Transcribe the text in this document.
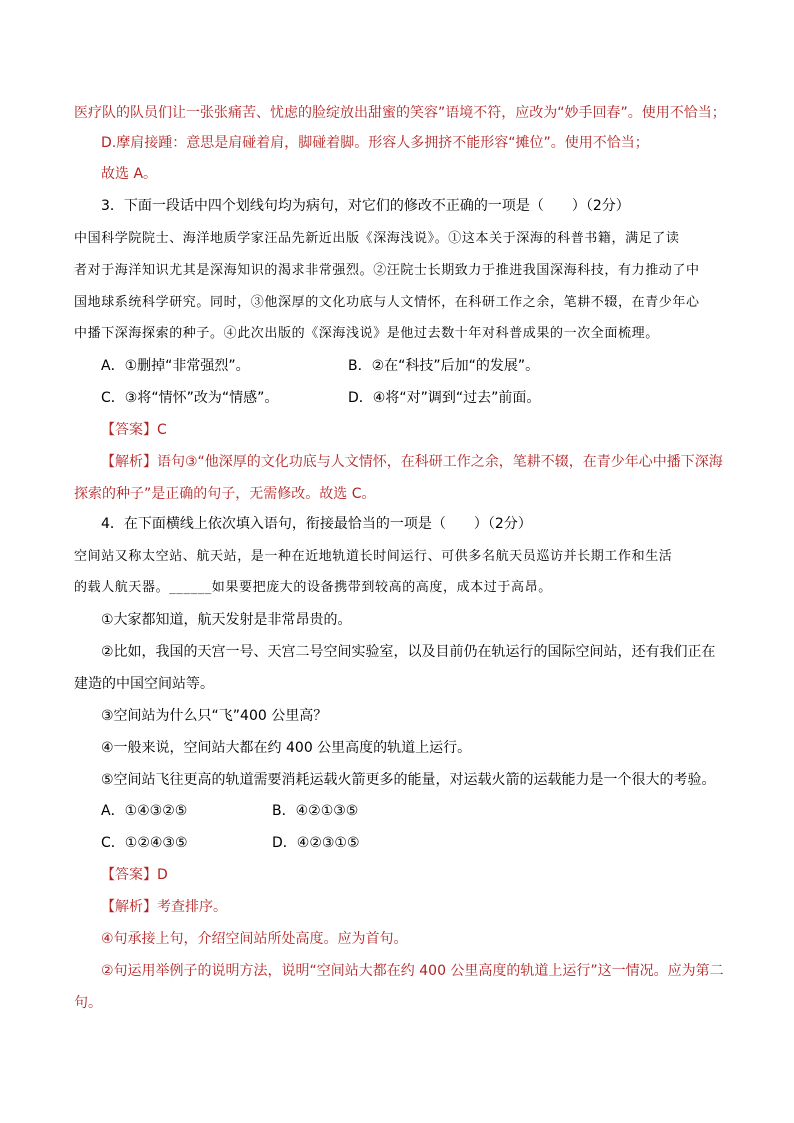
医疗队的队员们让一张张痛苦、忧虑的脸绽放出甜蜜的笑容”语境不符，应改为“妙手回春”。使用不恰当；
D.摩肩接踵：意思是肩碰着肩，脚碰着脚。形容人多拥挤不能形容“摊位”。使用不恰当；
故选 A。
3．下面一段话中四个划线句均为病句，对它们的修改不正确的一项是（　　）（2分）
中国科学院院士、海洋地质学家汪品先新近出版《深海浅说》。①这本关于深海的科普书籍，满足了读
者对于海洋知识尤其是深海知识的渴求非常强烈。②汪院士长期致力于推进我国深海科技，有力推动了中
国地球系统科学研究。同时，③他深厚的文化功底与人文情怀，在科研工作之余，笔耕不辍，在青少年心
中播下深海探索的种子。④此次出版的《深海浅说》是他过去数十年对科普成果的一次全面梳理。
A．①删掉“非常强烈”。	B．②在“科技”后加“的发展”。
C．③将“情怀”改为“情感”。	D．④将“对”调到“过去”前面。
【答案】C
【解析】语句③“他深厚的文化功底与人文情怀，在科研工作之余，笔耕不辍，在青少年心中播下深海
探索的种子”是正确的句子，无需修改。故选 C。
4．在下面横线上依次填入语句，衔接最恰当的一项是（　　）（2分）
空间站又称太空站、航天站，是一种在近地轨道长时间运行、可供多名航天员巡访并长期工作和生活
的载人航天器。______如果要把庞大的设备携带到较高的高度，成本过于高昂。
①大家都知道，航天发射是非常昂贵的。
②比如，我国的天宫一号、天宫二号空间实验室，以及目前仍在轨运行的国际空间站，还有我们正在
建造的中国空间站等。
③空间站为什么只“飞”400 公里高？
④一般来说，空间站大都在约 400 公里高度的轨道上运行。
⑤空间站飞往更高的轨道需要消耗运载火箭更多的能量，对运载火箭的运载能力是一个很大的考验。
A．①④③②⑤	B．④②①③⑤
C．①②④③⑤	D．④②③①⑤
【答案】D
【解析】考查排序。
④句承接上句，介绍空间站所处高度。应为首句。
②句运用举例子的说明方法，说明“空间站大都在约 400 公里高度的轨道上运行”这一情况。应为第二
句。
